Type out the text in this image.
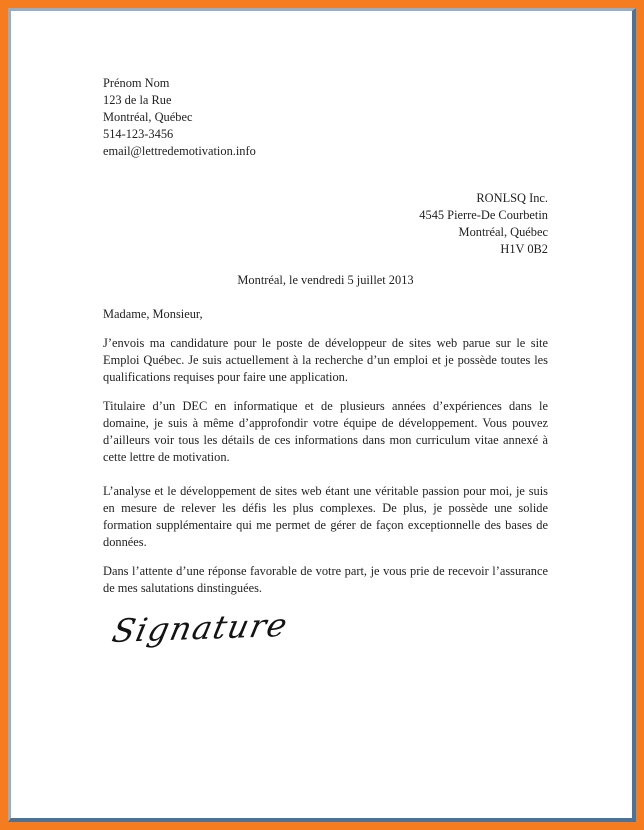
Prénom Nom
123 de la Rue
Montréal, Québec
514-123-3456
email@lettredemotivation.info
RONLSQ Inc.
4545 Pierre-De Courbetin
Montréal, Québec
H1V 0B2
Montréal, le vendredi 5 juillet 2013
Madame, Monsieur,
J’envois ma candidature pour le poste de développeur de sites web parue sur le site
Emploi Québec. Je suis actuellement à la recherche d’un emploi et je possède toutes les
qualifications requises pour faire une application.
Titulaire d’un DEC en informatique et de plusieurs années d’expériences dans le
domaine, je suis à même d’approfondir votre équipe de développement. Vous pouvez
d’ailleurs voir tous les détails de ces informations dans mon curriculum vitae annexé à
cette lettre de motivation.
L’analyse et le développement de sites web étant une véritable passion pour moi, je suis
en mesure de relever les défis les plus complexes. De plus, je possède une solide
formation supplémentaire qui me permet de gérer de façon exceptionnelle des bases de
données.
Dans l’attente d’une réponse favorable de votre part, je vous prie de recevoir l’assurance
de mes salutations dinstinguées.
Signature
